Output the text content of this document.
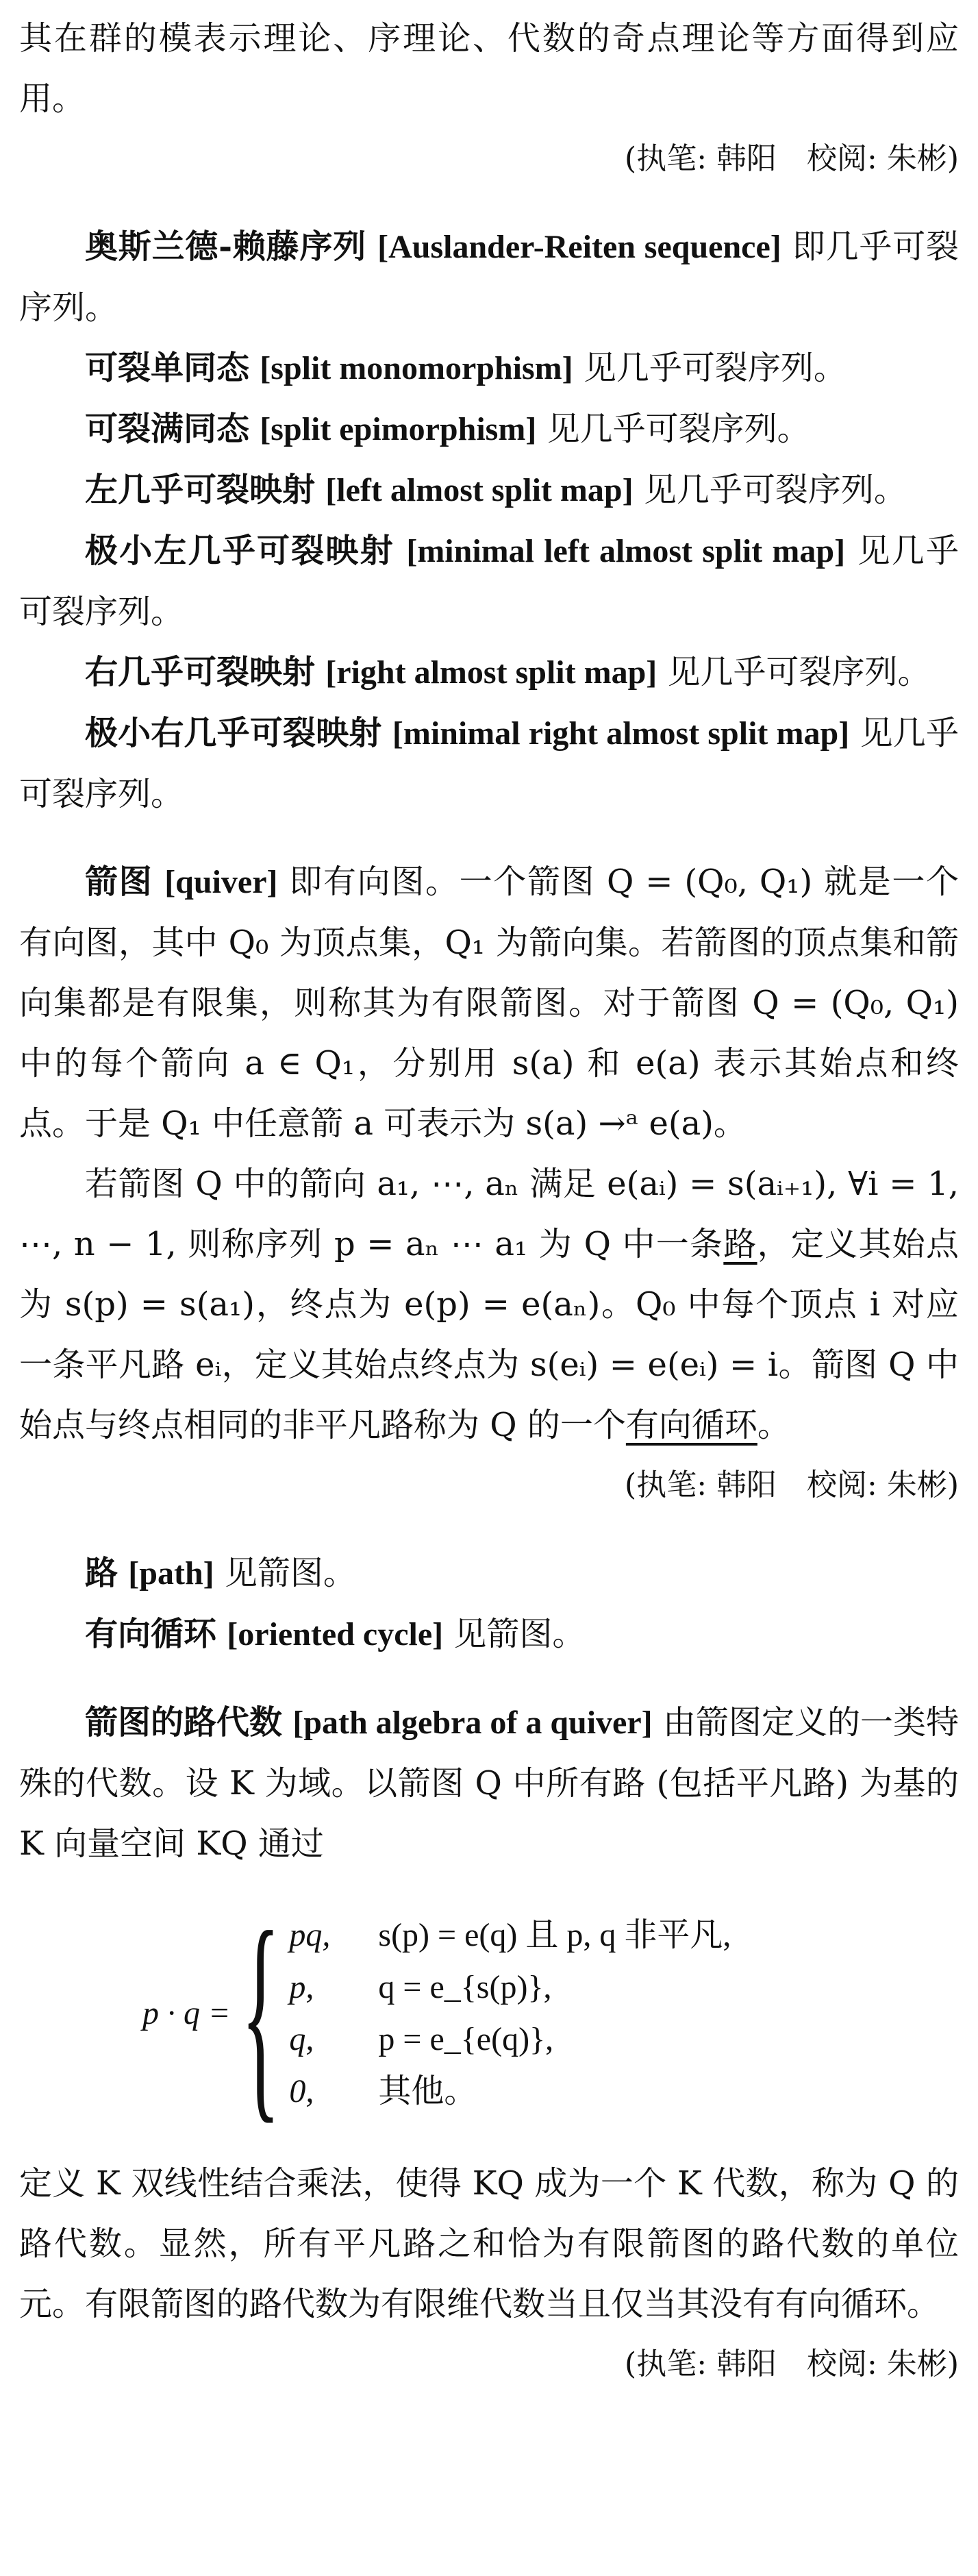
其在群的模表示理论、序理论、代数的奇点理论等方面得到应用。

(执笔: 韩阳　校阅: 朱彬)

奥斯兰德-赖藤序列 [Auslander-Reiten sequence] 即几乎可裂序列。

可裂单同态 [split monomorphism] 见几乎可裂序列。

可裂满同态 [split epimorphism] 见几乎可裂序列。

左几乎可裂映射 [left almost split map] 见几乎可裂序列。

极小左几乎可裂映射 [minimal left almost split map] 见几乎可裂序列。

右几乎可裂映射 [right almost split map] 见几乎可裂序列。

极小右几乎可裂映射 [minimal right almost split map] 见几乎可裂序列。

箭图 [quiver] 即有向图。一个箭图 Q = (Q₀, Q₁) 就是一个有向图，其中 Q₀ 为顶点集，Q₁ 为箭向集。若箭图的顶点集和箭向集都是有限集，则称其为有限箭图。对于箭图 Q = (Q₀, Q₁) 中的每个箭向 a ∈ Q₁，分别用 s(a) 和 e(a) 表示其始点和终点。于是 Q₁ 中任意箭 a 可表示为 s(a) →ᵃ e(a)。

若箭图 Q 中的箭向 a₁, ⋯, aₙ 满足 e(aᵢ) = s(aᵢ₊₁), ∀i = 1, ⋯, n − 1, 则称序列 p = aₙ ⋯ a₁ 为 Q 中一条路，定义其始点为 s(p) = s(a₁)，终点为 e(p) = e(aₙ)。Q₀ 中每个顶点 i 对应一条平凡路 eᵢ，定义其始点终点为 s(eᵢ) = e(eᵢ) = i。箭图 Q 中始点与终点相同的非平凡路称为 Q 的一个有向循环。

(执笔: 韩阳　校阅: 朱彬)

路 [path] 见箭图。

有向循环 [oriented cycle] 见箭图。

箭图的路代数 [path algebra of a quiver] 由箭图定义的一类特殊的代数。设 K 为域。以箭图 Q 中所有路 (包括平凡路) 为基的 K 向量空间 KQ 通过

p · q = { pq,	s(p) = e(q) 且 p, q 非平凡,
p,	q = e_{s(p)},
q,	p = e_{e(q)},
0,	其他。

定义 K 双线性结合乘法，使得 KQ 成为一个 K 代数，称为 Q 的路代数。显然，所有平凡路之和恰为有限箭图的路代数的单位元。有限箭图的路代数为有限维代数当且仅当其没有有向循环。

(执笔: 韩阳　校阅: 朱彬)
